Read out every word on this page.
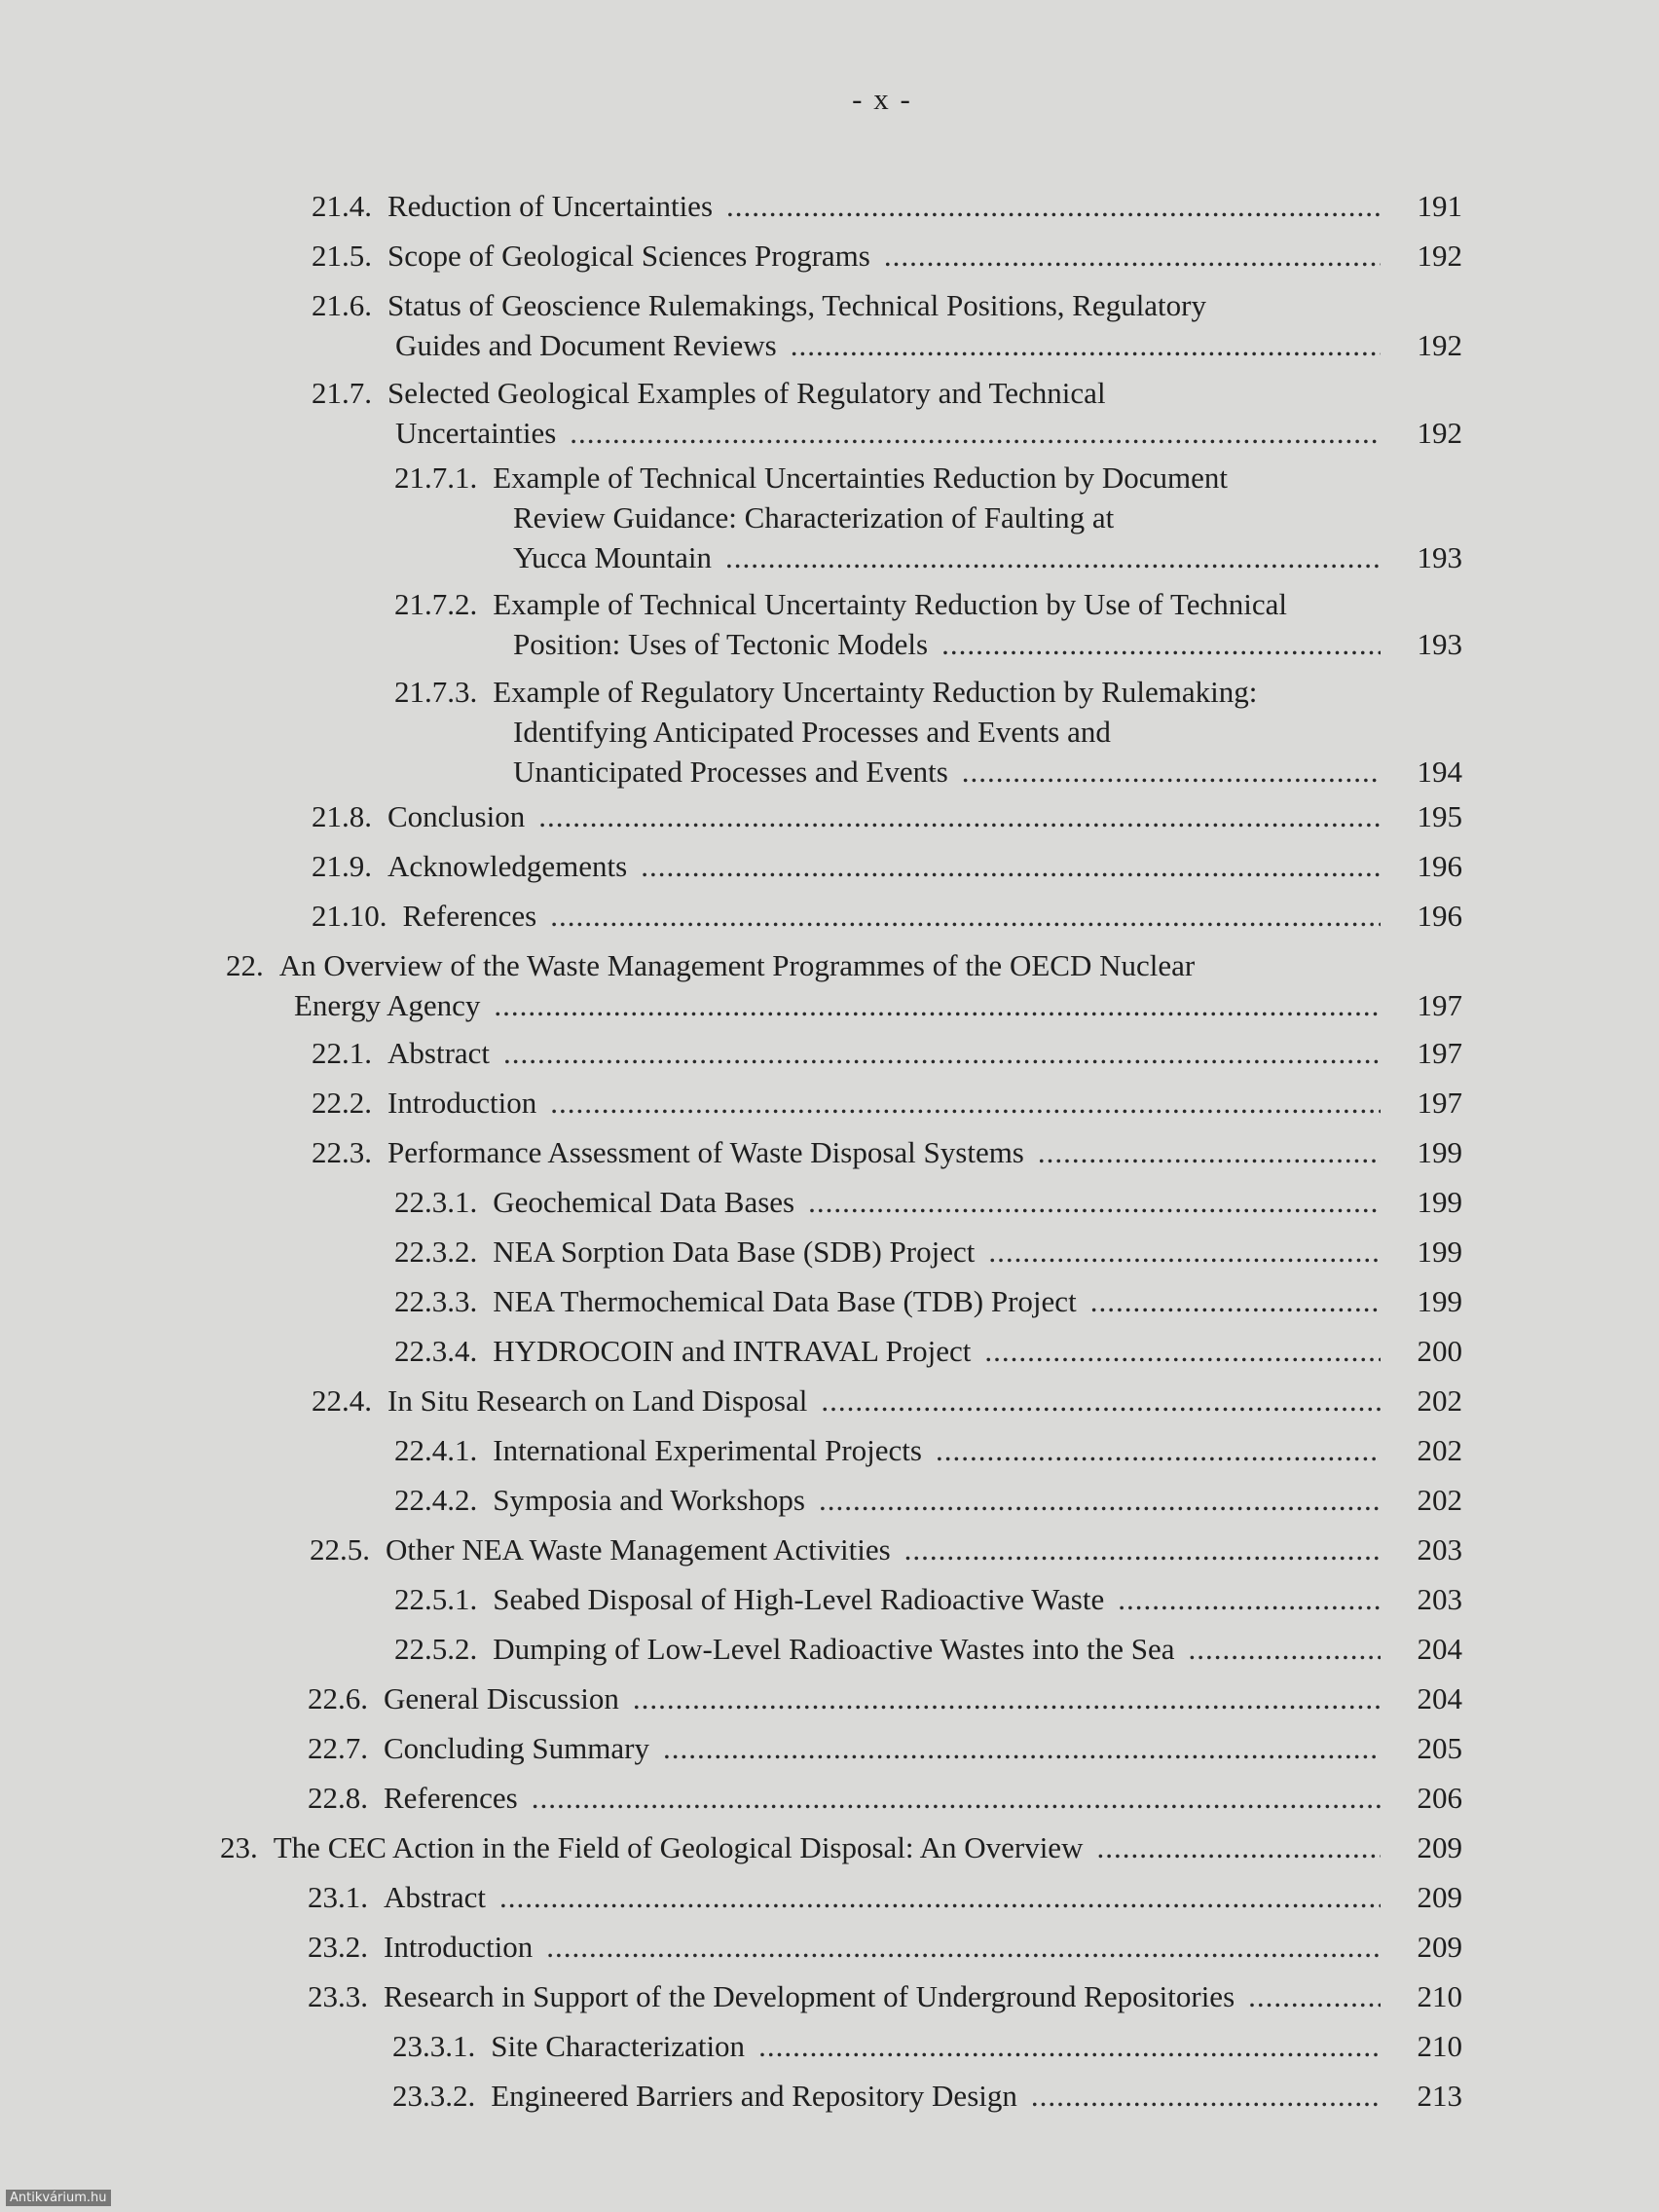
- x -
21.4. Reduction of Uncertainties .....	191
21.5. Scope of Geological Sciences Programs .....	192
21.6. Status of Geoscience Rulemakings, Technical Positions, Regulatory
Guides and Document Reviews .....	192
21.7. Selected Geological Examples of Regulatory and Technical
Uncertainties .....	192
21.7.1. Example of Technical Uncertainties Reduction by Document
Review Guidance: Characterization of Faulting at
Yucca Mountain .....	193
21.7.2. Example of Technical Uncertainty Reduction by Use of Technical
Position: Uses of Tectonic Models .....	193
21.7.3. Example of Regulatory Uncertainty Reduction by Rulemaking:
Identifying Anticipated Processes and Events and
Unanticipated Processes and Events .....	194
21.8. Conclusion .....	195
21.9. Acknowledgements .....	196
21.10. References .....	196
22. An Overview of the Waste Management Programmes of the OECD Nuclear
Energy Agency .....	197
22.1. Abstract .....	197
22.2. Introduction .....	197
22.3. Performance Assessment of Waste Disposal Systems .....	199
22.3.1. Geochemical Data Bases .....	199
22.3.2. NEA Sorption Data Base (SDB) Project .....	199
22.3.3. NEA Thermochemical Data Base (TDB) Project .....	199
22.3.4. HYDROCOIN and INTRAVAL Project .....	200
22.4. In Situ Research on Land Disposal .....	202
22.4.1. International Experimental Projects .....	202
22.4.2. Symposia and Workshops .....	202
22.5. Other NEA Waste Management Activities .....	203
22.5.1. Seabed Disposal of High-Level Radioactive Waste .....	203
22.5.2. Dumping of Low-Level Radioactive Wastes into the Sea .....	204
22.6. General Discussion .....	204
22.7. Concluding Summary .....	205
22.8. References .....	206
23. The CEC Action in the Field of Geological Disposal: An Overview .....	209
23.1. Abstract .....	209
23.2. Introduction .....	209
23.3. Research in Support of the Development of Underground Repositories .....	210
23.3.1. Site Characterization .....	210
23.3.2. Engineered Barriers and Repository Design .....	213
Antikvárium.hu
